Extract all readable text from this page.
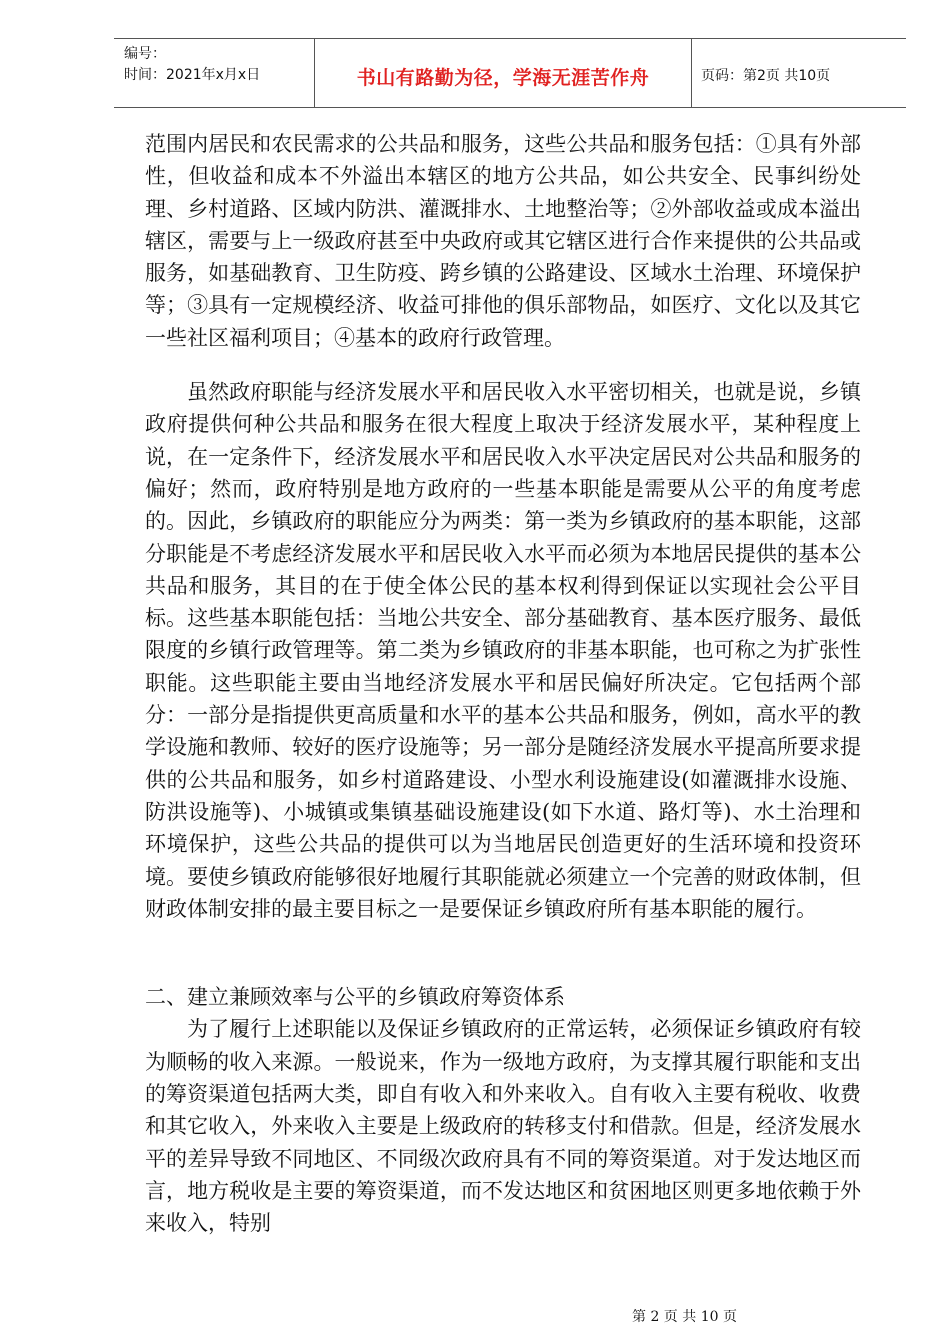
编号：
时间：2021年x月x日	书山有路勤为径，学海无涯苦作舟	页码：第2页 共10页

范围内居民和农民需求的公共品和服务，这些公共品和服务包括：①具有外部性，但收益和成本不外溢出本辖区的地方公共品，如公共安全、民事纠纷处理、乡村道路、区域内防洪、灌溉排水、土地整治等；②外部收益或成本溢出辖区，需要与上一级政府甚至中央政府或其它辖区进行合作来提供的公共品或服务，如基础教育、卫生防疫、跨乡镇的公路建设、区域水土治理、环境保护等；③具有一定规模经济、收益可排他的俱乐部物品，如医疗、文化以及其它一些社区福利项目；④基本的政府行政管理。

虽然政府职能与经济发展水平和居民收入水平密切相关，也就是说，乡镇政府提供何种公共品和服务在很大程度上取决于经济发展水平，某种程度上说，在一定条件下，经济发展水平和居民收入水平决定居民对公共品和服务的偏好；然而，政府特别是地方政府的一些基本职能是需要从公平的角度考虑的。因此，乡镇政府的职能应分为两类：第一类为乡镇政府的基本职能，这部分职能是不考虑经济发展水平和居民收入水平而必须为本地居民提供的基本公共品和服务，其目的在于使全体公民的基本权利得到保证以实现社会公平目标。这些基本职能包括：当地公共安全、部分基础教育、基本医疗服务、最低限度的乡镇行政管理等。第二类为乡镇政府的非基本职能，也可称之为扩张性职能。这些职能主要由当地经济发展水平和居民偏好所决定。它包括两个部分：一部分是指提供更高质量和水平的基本公共品和服务，例如，高水平的教学设施和教师、较好的医疗设施等；另一部分是随经济发展水平提高所要求提供的公共品和服务，如乡村道路建设、小型水利设施建设(如灌溉排水设施、防洪设施等)、小城镇或集镇基础设施建设(如下水道、路灯等)、水土治理和环境保护，这些公共品的提供可以为当地居民创造更好的生活环境和投资环境。要使乡镇政府能够很好地履行其职能就必须建立一个完善的财政体制，但财政体制安排的最主要目标之一是要保证乡镇政府所有基本职能的履行。

二、建立兼顾效率与公平的乡镇政府筹资体系

为了履行上述职能以及保证乡镇政府的正常运转，必须保证乡镇政府有较为顺畅的收入来源。一般说来，作为一级地方政府，为支撑其履行职能和支出的筹资渠道包括两大类，即自有收入和外来收入。自有收入主要有税收、收费和其它收入，外来收入主要是上级政府的转移支付和借款。但是，经济发展水平的差异导致不同地区、不同级次政府具有不同的筹资渠道。对于发达地区而言，地方税收是主要的筹资渠道，而不发达地区和贫困地区则更多地依赖于外来收入，特别

第 2 页 共 10 页
